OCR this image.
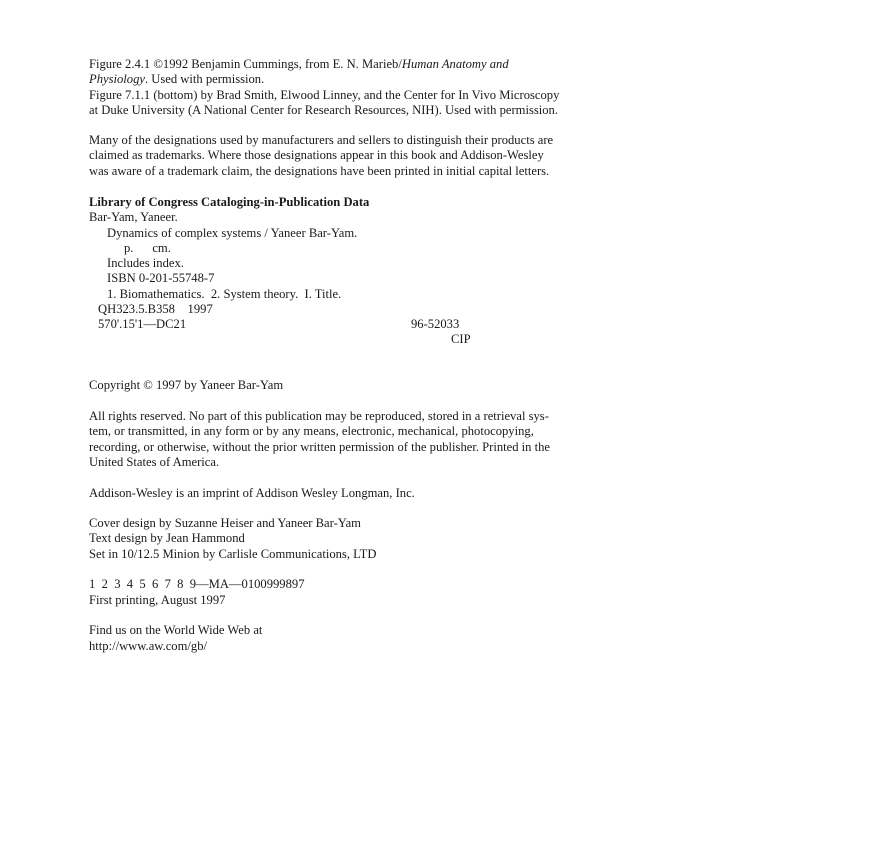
Figure 2.4.1 ©1992 Benjamin Cummings, from E. N. Marieb/Human Anatomy and
Physiology. Used with permission.
Figure 7.1.1 (bottom) by Brad Smith, Elwood Linney, and the Center for In Vivo Microscopy
at Duke University (A National Center for Research Resources, NIH). Used with permission.
Many of the designations used by manufacturers and sellers to distinguish their products are
claimed as trademarks. Where those designations appear in this book and Addison-Wesley
was aware of a trademark claim, the designations have been printed in initial capital letters.
Library of Congress Cataloging-in-Publication Data
Bar-Yam, Yaneer.
Dynamics of complex systems / Yaneer Bar-Yam.
p.      cm.
Includes index.
ISBN 0-201-55748-7
1. Biomathematics.  2. System theory.  I. Title.
QH323.5.B358    1997
570'.15'1—DC21	96-52033
CIP
Copyright © 1997 by Yaneer Bar-Yam
All rights reserved. No part of this publication may be reproduced, stored in a retrieval sys-
tem, or transmitted, in any form or by any means, electronic, mechanical, photocopying,
recording, or otherwise, without the prior written permission of the publisher. Printed in the
United States of America.
Addison-Wesley is an imprint of Addison Wesley Longman, Inc.
Cover design by Suzanne Heiser and Yaneer Bar-Yam
Text design by Jean Hammond
Set in 10/12.5 Minion by Carlisle Communications, LTD
1  2  3  4  5  6  7  8  9—MA—0100999897
First printing, August 1997
Find us on the World Wide Web at
http://www.aw.com/gb/
